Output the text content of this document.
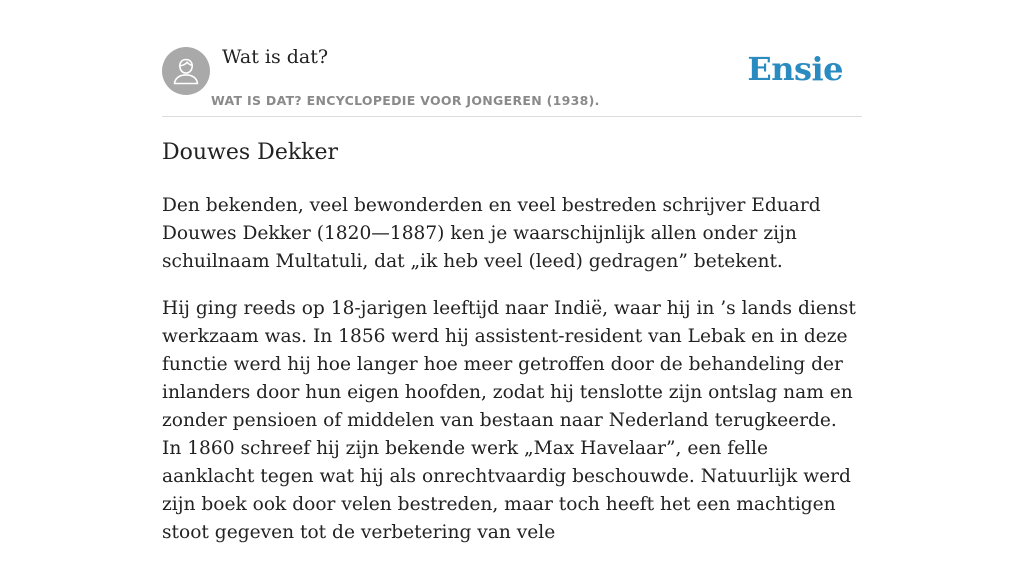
Wat is dat?
WAT IS DAT? ENCYCLOPEDIE VOOR JONGEREN (1938).
Ensie
Douwes Dekker

Den bekenden, veel bewonderden en veel bestreden schrijver Eduard Douwes Dekker (1820—1887) ken je waarschijnlijk allen onder zijn schuilnaam Multatuli, dat „ik heb veel (leed) gedragen” betekent.

Hij ging reeds op 18-jarigen leeftijd naar Indië, waar hij in ’s lands dienst werkzaam was. In 1856 werd hij assistent-resident van Lebak en in deze functie werd hij hoe langer hoe meer getroffen door de behandeling der inlanders door hun eigen hoofden, zodat hij tenslotte zijn ontslag nam en zonder pensioen of middelen van bestaan naar Nederland terugkeerde. In 1860 schreef hij zijn bekende werk „Max Havelaar”, een felle aanklacht tegen wat hij als onrechtvaardig beschouwde. Natuurlijk werd zijn boek ook door velen bestreden, maar toch heeft het een machtigen stoot gegeven tot de verbetering van vele
